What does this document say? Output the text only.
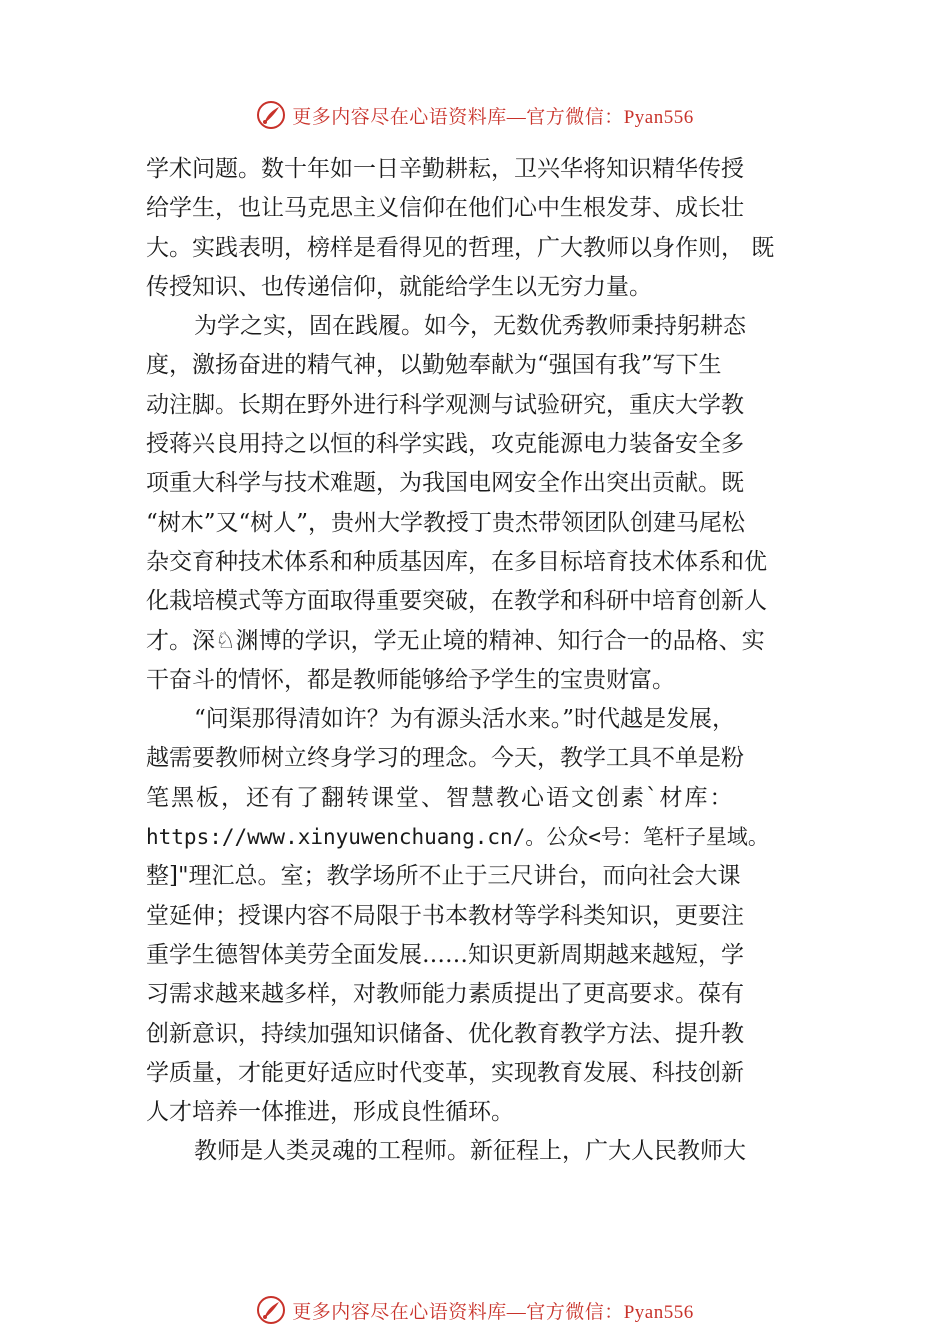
更多内容尽在心语资料库—官方微信：Pyan556
学术问题。数十年如一日辛勤耕耘，卫兴华将知识精华传授
给学生，也让马克思主义信仰在他们心中生根发芽、成长壮
大。实践表明，榜样是看得见的哲理，广大教师以身作则， 既
传授知识、也传递信仰，就能给学生以无穷力量。
为学之实，固在践履。如今，无数优秀教师秉持躬耕态
度，激扬奋进的精气神，以勤勉奉献为“强国有我”写下生
动注脚。长期在野外进行科学观测与试验研究，重庆大学教
授蒋兴良用持之以恒的科学实践，攻克能源电力装备安全多
项重大科学与技术难题，为我国电网安全作出突出贡献。既
“树木”又“树人”，贵州大学教授丁贵杰带领团队创建马尾松
杂交育种技术体系和种质基因库，在多目标培育技术体系和优
化栽培模式等方面取得重要突破，在教学和科研中培育创新人
才。深♘渊博的学识，学无止境的精神、知行合一的品格、实
干奋斗的情怀，都是教师能够给予学生的宝贵财富。
“问渠那得清如许？为有源头活水来。”时代越是发展，
越需要教师树立终身学习的理念。今天，教学工具不单是粉
笔黑板，还有了翻转课堂、智慧教心语文创素`材库：
https://www.xinyuwenchuang.cn/。公众<号：笔杆子星域。
整]"理汇总。室；教学场所不止于三尺讲台，而向社会大课
堂延伸；授课内容不局限于书本教材等学科类知识，更要注
重学生德智体美劳全面发展……知识更新周期越来越短，学
习需求越来越多样，对教师能力素质提出了更高要求。葆有
创新意识，持续加强知识储备、优化教育教学方法、提升教
学质量，才能更好适应时代变革，实现教育发展、科技创新
人才培养一体推进，形成良性循环。
教师是人类灵魂的工程师。新征程上，广大人民教师大
更多内容尽在心语资料库—官方微信：Pyan556
